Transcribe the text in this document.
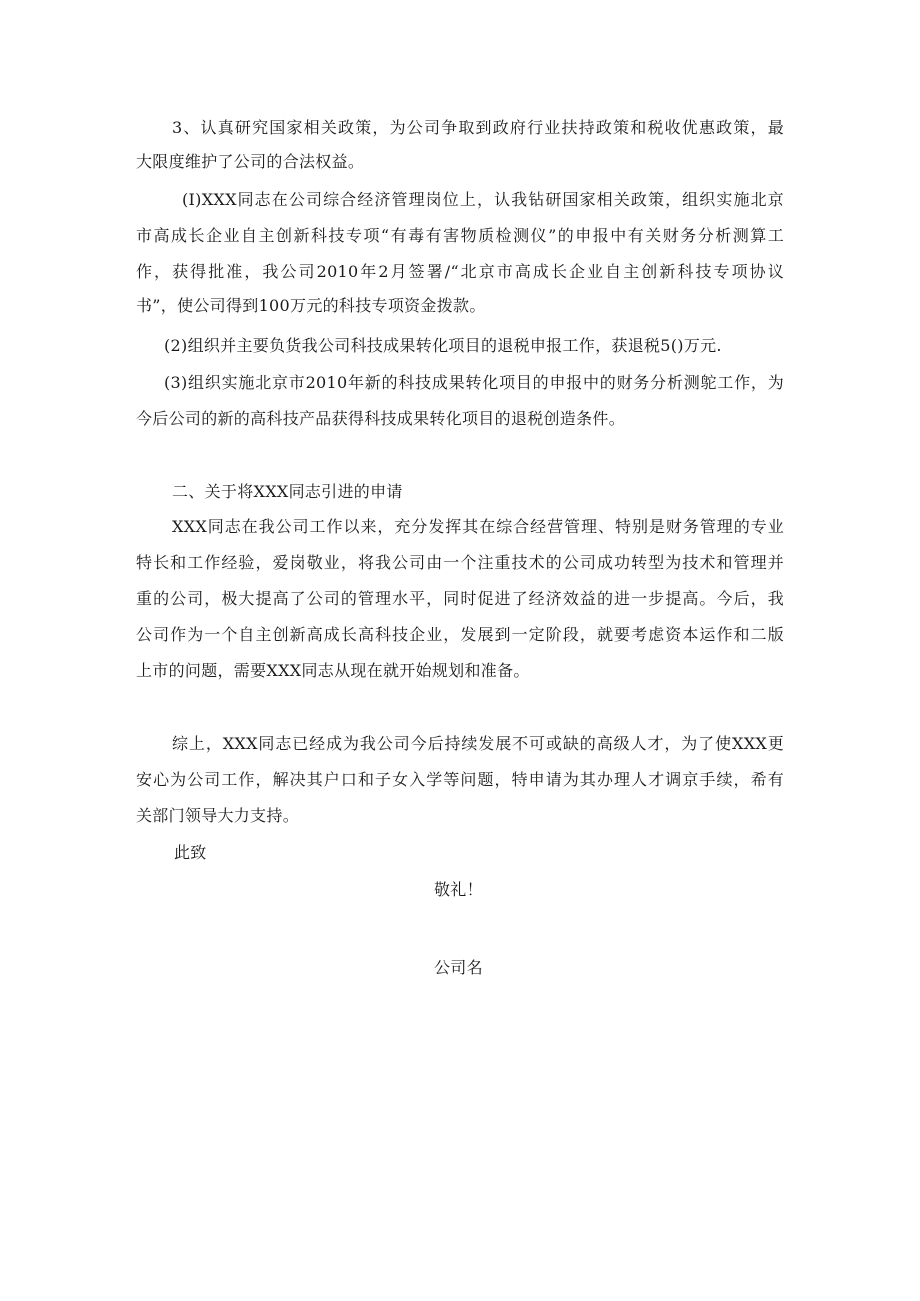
3、认真研究国家相关政策，为公司争取到政府行业扶持政策和税收优惠政策，最
大限度维护了公司的合法权益。
(I)XXX同志在公司综合经济管理岗位上，认我钻研国家相关政策，组织实施北京
市高成长企业自主创新科技专项“有毒有害物质检测仪”的申报中有关财务分析测算工
作，获得批准，我公司2010年2月签署/“北京市高成长企业自主创新科技专项协议
书”，使公司得到100万元的科技专项资金拨款。
(2)组织并主要负货我公司科技成果转化项目的退税申报工作，获退税5()万元.
(3)组织实施北京市2010年新的科技成果转化项目的申报中的财务分析测鸵工作，为
今后公司的新的高科技产品获得科技成果转化项目的退税创造条件。
二、关于将XXX同志引进的申请
XXX同志在我公司工作以来，充分发挥其在综合经营管理、特别是财务管理的专业
特长和工作经验，爱岗敬业，将我公司由一个注重技术的公司成功转型为技术和管理并
重的公司，极大提高了公司的管理水平，同时促进了经济效益的进一步提高。今后，我
公司作为一个自主创新高成长高科技企业，发展到一定阶段，就要考虑资本运作和二版
上市的问题，需要XXX同志从现在就开始规划和准备。
综上，XXX同志已经成为我公司今后持续发展不可或缺的高级人才，为了使XXX更
安心为公司工作，解决其户口和子女入学等问题，特申请为其办理人才调京手续，希有
关部门领导大力支持。
此致
敬礼！
公司名
